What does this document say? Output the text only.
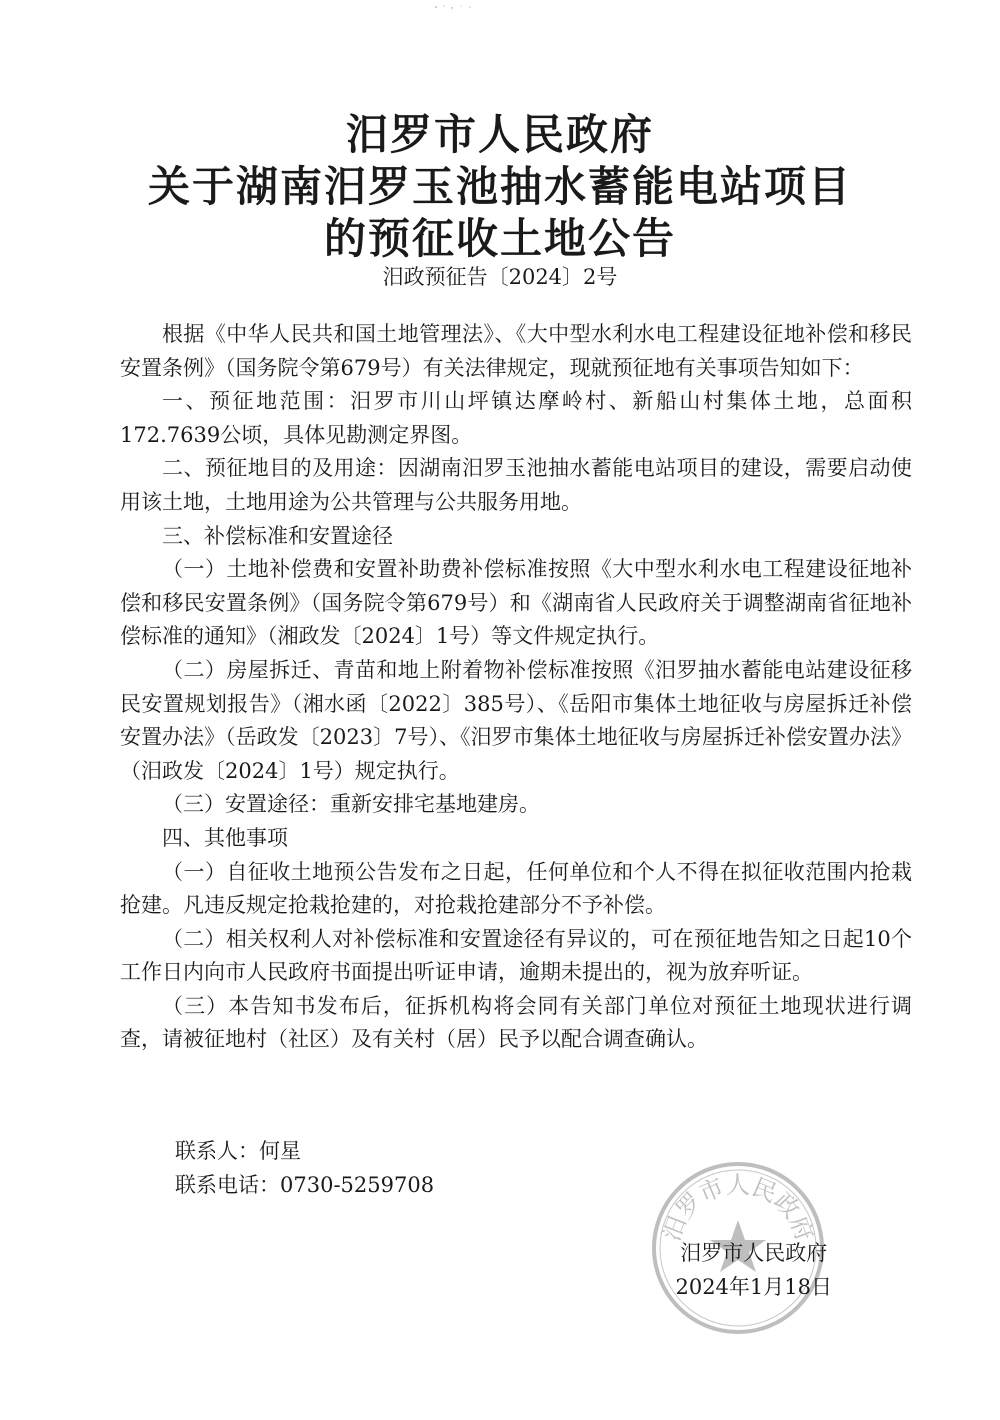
汨罗市人民政府
关于湖南汨罗玉池抽水蓄能电站项目
的预征收土地公告
汨政预征告〔2024〕2号

根据《中华人民共和国土地管理法》、《大中型水利水电工程建设征地补偿和移民安置条例》（国务院令第679号）有关法律规定，现就预征地有关事项告知如下：

一、预征地范围：汨罗市川山坪镇达摩岭村、新船山村集体土地，总面积172.7639公顷，具体见勘测定界图。

二、预征地目的及用途：因湖南汨罗玉池抽水蓄能电站项目的建设，需要启动使用该土地，土地用途为公共管理与公共服务用地。

三、补偿标准和安置途径

（一）土地补偿费和安置补助费补偿标准按照《大中型水利水电工程建设征地补偿和移民安置条例》（国务院令第679号）和《湖南省人民政府关于调整湖南省征地补偿标准的通知》（湘政发〔2024〕1号）等文件规定执行。

（二）房屋拆迁、青苗和地上附着物补偿标准按照《汨罗抽水蓄能电站建设征移民安置规划报告》（湘水函〔2022〕385号）、《岳阳市集体土地征收与房屋拆迁补偿安置办法》（岳政发〔2023〕7号）、《汨罗市集体土地征收与房屋拆迁补偿安置办法》（汨政发〔2024〕1号）规定执行。

（三）安置途径：重新安排宅基地建房。

四、其他事项

（一）自征收土地预公告发布之日起，任何单位和个人不得在拟征收范围内抢栽抢建。凡违反规定抢栽抢建的，对抢栽抢建部分不予补偿。

（二）相关权利人对补偿标准和安置途径有异议的，可在预征地告知之日起10个工作日内向市人民政府书面提出听证申请，逾期未提出的，视为放弃听证。

（三）本告知书发布后，征拆机构将会同有关部门单位对预征土地现状进行调查，请被征地村（社区）及有关村（居）民予以配合调查确认。

联系人：何星
联系电话：0730-5259708
汨罗市人民政府
汨罗市人民政府
2024年1月18日
